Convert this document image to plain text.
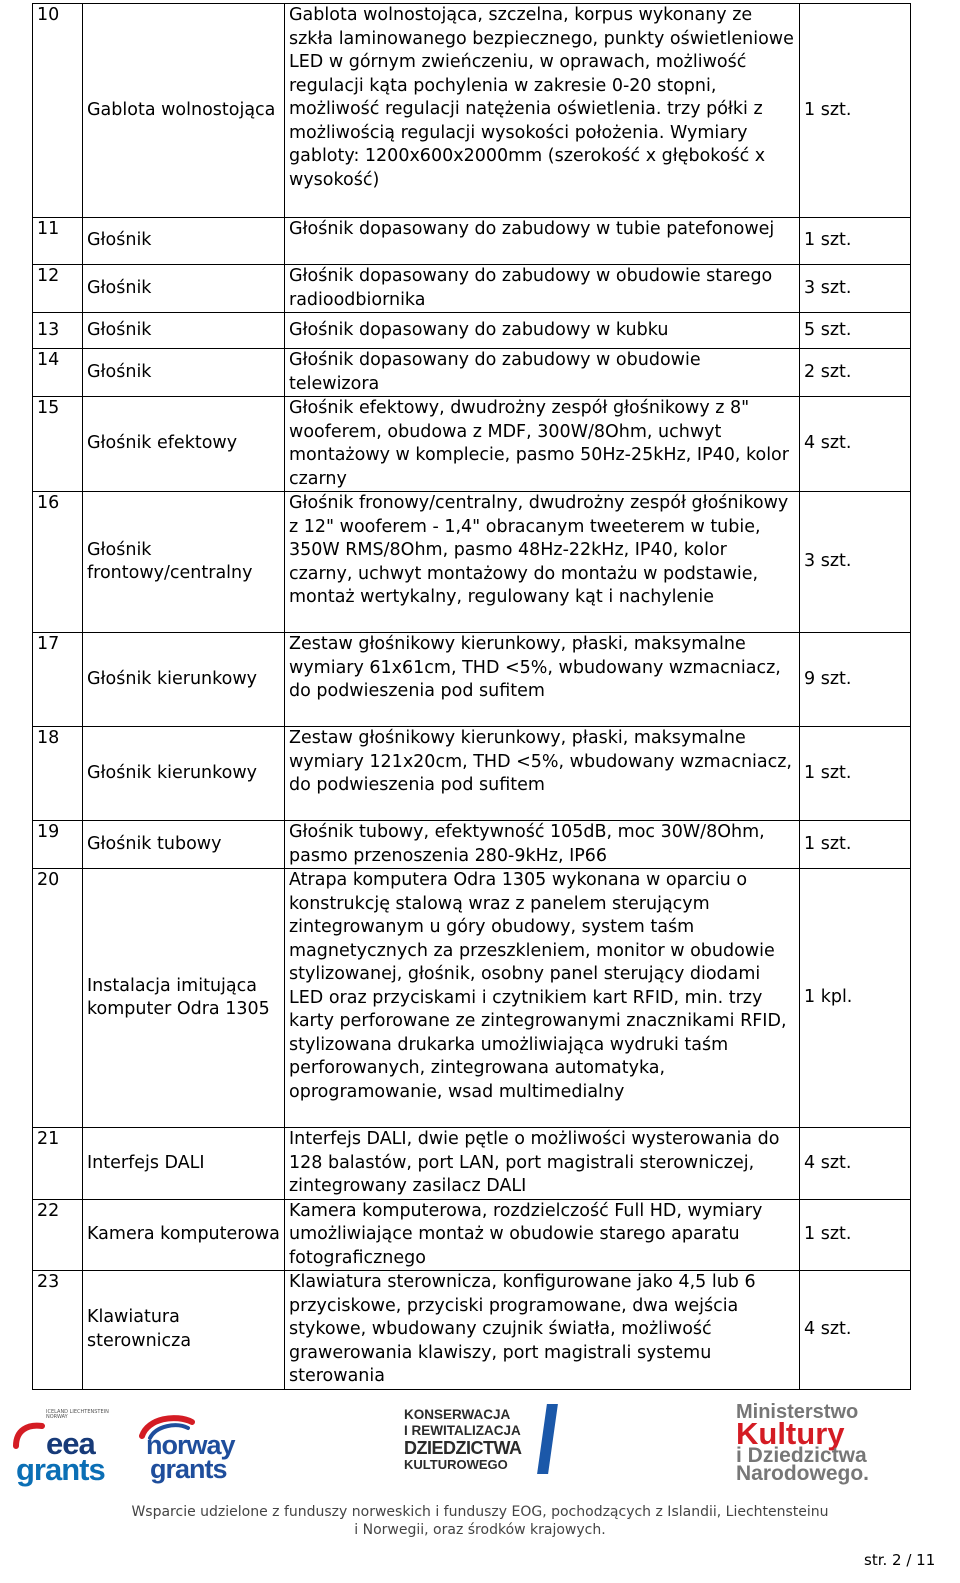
10	Gablota wolnostojąca	Gablota wolnostojąca, szczelna, korpus wykonany ze szkła laminowanego bezpiecznego, punkty oświetleniowe LED w górnym zwieńczeniu, w oprawach, możliwość regulacji kąta pochylenia w zakresie 0-20 stopni, możliwość regulacji natężenia oświetlenia. trzy półki z możliwością regulacji wysokości położenia. Wymiary gabloty: 1200x600x2000mm (szerokość x głębokość x wysokość)	1 szt.
11	Głośnik	Głośnik dopasowany do zabudowy w tubie patefonowej	1 szt.
12	Głośnik	Głośnik dopasowany do zabudowy w obudowie starego radioodbiornika	3 szt.
13	Głośnik	Głośnik dopasowany do zabudowy w kubku	5 szt.
14	Głośnik	Głośnik dopasowany do zabudowy w obudowie telewizora	2 szt.
15	Głośnik efektowy	Głośnik efektowy, dwudrożny zespół głośnikowy z 8" wooferem, obudowa z MDF, 300W/8Ohm, uchwyt montażowy w komplecie, pasmo 50Hz-25kHz, IP40, kolor czarny	4 szt.
16	Głośnik frontowy/centralny	Głośnik fronowy/centralny, dwudrożny zespół głośnikowy z 12" wooferem - 1,4" obracanym tweeterem w tubie, 350W RMS/8Ohm, pasmo 48Hz-22kHz, IP40, kolor czarny, uchwyt montażowy do montażu w podstawie, montaż wertykalny, regulowany kąt i nachylenie	3 szt.
17	Głośnik kierunkowy	Zestaw głośnikowy kierunkowy, płaski, maksymalne wymiary 61x61cm, THD <5%, wbudowany wzmacniacz, do podwieszenia pod sufitem	9 szt.
18	Głośnik kierunkowy	Zestaw głośnikowy kierunkowy, płaski, maksymalne wymiary 121x20cm, THD <5%, wbudowany wzmacniacz, do podwieszenia pod sufitem	1 szt.
19	Głośnik tubowy	Głośnik tubowy, efektywność 105dB, moc 30W/8Ohm, pasmo przenoszenia 280-9kHz, IP66	1 szt.
20	Instalacja imitująca komputer Odra 1305	Atrapa komputera Odra 1305 wykonana w oparciu o konstrukcję stalową wraz z panelem sterującym zintegrowanym u góry obudowy, system taśm magnetycznych za przeszkleniem, monitor w obudowie stylizowanej, głośnik, osobny panel sterujący diodami LED oraz przyciskami i czytnikiem kart RFID, min. trzy karty perforowane ze zintegrowanymi znacznikami RFID, stylizowana drukarka umożliwiająca wydruki taśm perforowanych, zintegrowana automatyka, oprogramowanie, wsad multimedialny	1 kpl.
21	Interfejs DALI	Interfejs DALI, dwie pętle o możliwości wysterowania do 128 balastów, port LAN, port magistrali sterowniczej, zintegrowany zasilacz DALI	4 szt.
22	Kamera komputerowa	Kamera komputerowa, rozdzielczość Full HD, wymiary umożliwiające montaż w obudowie starego aparatu fotograficznego	1 szt.
23	Klawiatura sterownicza	Klawiatura sterownicza, konfigurowane jako 4,5 lub 6 przyciskowe, przyciski programowane, dwa wejścia stykowe, wbudowany czujnik światła, możliwość grawerowania klawiszy, port magistrali systemu sterowania	4 szt.
ICELAND LIECHTENSTEIN NORWAY
eea
grants
norway
grants
KONSERWACJA
I REWITALIZACJA
DZIEDZICTWA
KULTUROWEGO
Ministerstwo
Kultury
i Dziedzictwa
Narodowego.
Wsparcie udzielone z funduszy norweskich i funduszy EOG, pochodzących z Islandii, Liechtensteinu
i Norwegii, oraz środków krajowych.
str. 2 / 11
